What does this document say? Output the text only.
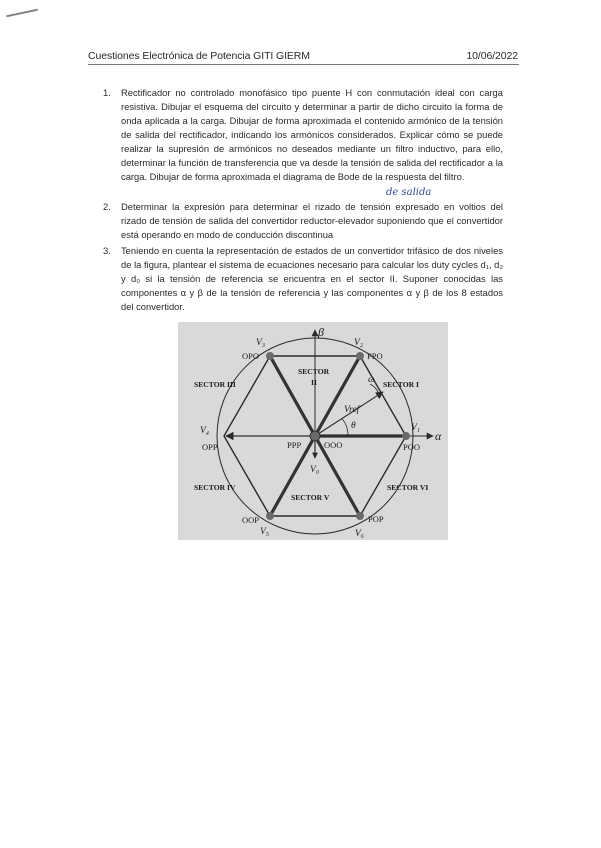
Cuestiones Electrónica de Potencia GITI GIERM	10/06/2022
1. Rectificador no controlado monofásico tipo puente H con conmutación ideal con carga resistiva. Dibujar el esquema del circuito y determinar a partir de dicho circuito la forma de onda aplicada a la carga. Dibujar de forma aproximada el contenido armónico de la tensión de salida del rectificador, indicando los armónicos considerados. Explicar cómo se puede realizar la supresión de armónicos no deseados mediante un filtro inductivo, para ello, determinar la función de transferencia que va desde la tensión de salida del rectificador a la carga. Dibujar de forma aproximada el diagrama de Bode de la respuesta del filtro.
2. Determinar la expresión para determinar el rizado de tensión expresado en voltios del rizado de tensión de salida del convertidor reductor-elevador suponiendo que el convertidor está operando en modo de conducción discontinua
3. Teniendo en cuenta la representación de estados de un convertidor trifásico de dos niveles de la figura, plantear el sistema de ecuaciones necesario para calcular los duty cycles d₁, d₂ y d₀ si la tensión de referencia se encuentra en el sector II. Suponer conocidas las componentes α y β de la tensión de referencia y las componentes α y β de los 8 estados del convertidor.
de salida
β
α
SECTOR I
SECTOR
II
SECTOR III
SECTOR IV
SECTOR V
SECTOR VI
PPO
OPO
OPP
OOP	POP
POO
PPP	OOO
V₁
V₂
V₃
V₄
V₅	V₆
V₀
Vref
ω
θ
